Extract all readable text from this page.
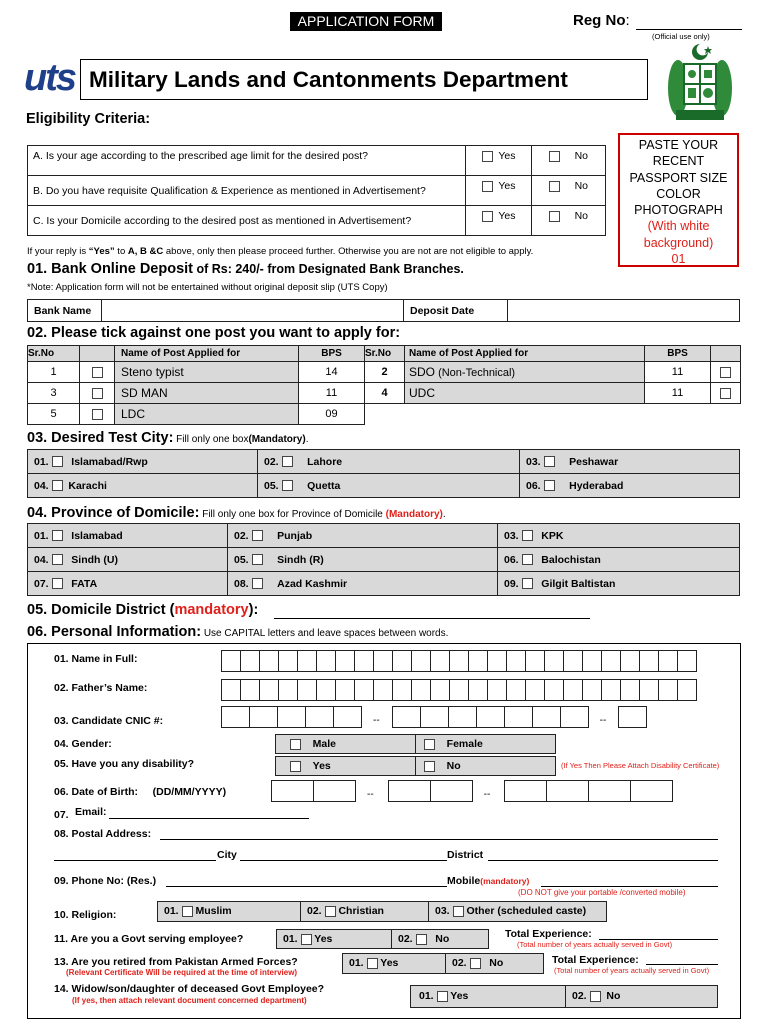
APPLICATION FORM	Reg No:
(Official use only)
uts Military Lands and Cantonments Department
PASTE YOUR
RECENT
PASSPORT SIZE
COLOR
PHOTOGRAPH
(With white
background)
01
Eligibility Criteria:
A. Is your age according to the prescribed age limit for the desired post?	Yes	No
B. Do you have requisite Qualification & Experience as mentioned in Advertisement?	Yes	No
C. Is your Domicile according to the desired post as mentioned in Advertisement?	Yes	No
If your reply is “Yes” to A, B &C above, only then please proceed further. Otherwise you are not are not eligible to apply.
01. Bank Online Deposit of Rs: 240/- from Designated Bank Branches.
*Note: Application form will not be entertained without original deposit slip (UTS Copy)
Bank Name		Deposit Date	
02. Please tick against one post you want to apply for:
Sr.No		Name of Post Applied for	BPS	Sr.No	Name of Post Applied for	BPS	
1		Steno typist	14	2	SDO (Non-Technical)	11	
3		SD MAN	11	4	UDC	11	
5		LDC	09				
03. Desired Test City: Fill only one box(Mandatory).
01. Islamabad/Rwp	02. Lahore	03. Peshawar
04. Karachi	05. Quetta	06. Hyderabad
04. Province of Domicile: Fill only one box for Province of Domicile (Mandatory).
01. Islamabad	02. Punjab	03. KPK
04. Sindh (U)	05. Sindh (R)	06. Balochistan
07. FATA	08. Azad Kashmir	09. Gilgit Baltistan
05. Domicile District (mandatory):
06. Personal Information: Use CAPITAL letters and leave spaces between words.
01. Name in Full:
02. Father’s Name:
03. Candidate CNIC #:	--	--
04. Gender:	Male	Female
05. Have you any disability?	Yes	No	(If Yes Then Please Attach Disability Certificate)
06. Date of Birth: (DD/MM/YYYY)	--	--
07. Email:
08. Postal Address:
City	District
09. Phone No: (Res.)	Mobile(mandatory)
(DO NOT give your portable /converted mobile)
10. Religion:	01. Muslim	02. Christian	03. Other (scheduled caste)
11. Are you a Govt serving employee?	01. Yes	02. No	Total Experience:
(Total number of years actually served in Govt)
13. Are you retired from Pakistan Armed Forces?
(Relevant Certificate Will be required at the time of interview)
01. Yes	02. No	Total Experience:
(Total number of years actually served in Govt)
14. Widow/son/daughter of deceased Govt Employee?
(If yes, then attach relevant document concerned department)	01. Yes	02. No
